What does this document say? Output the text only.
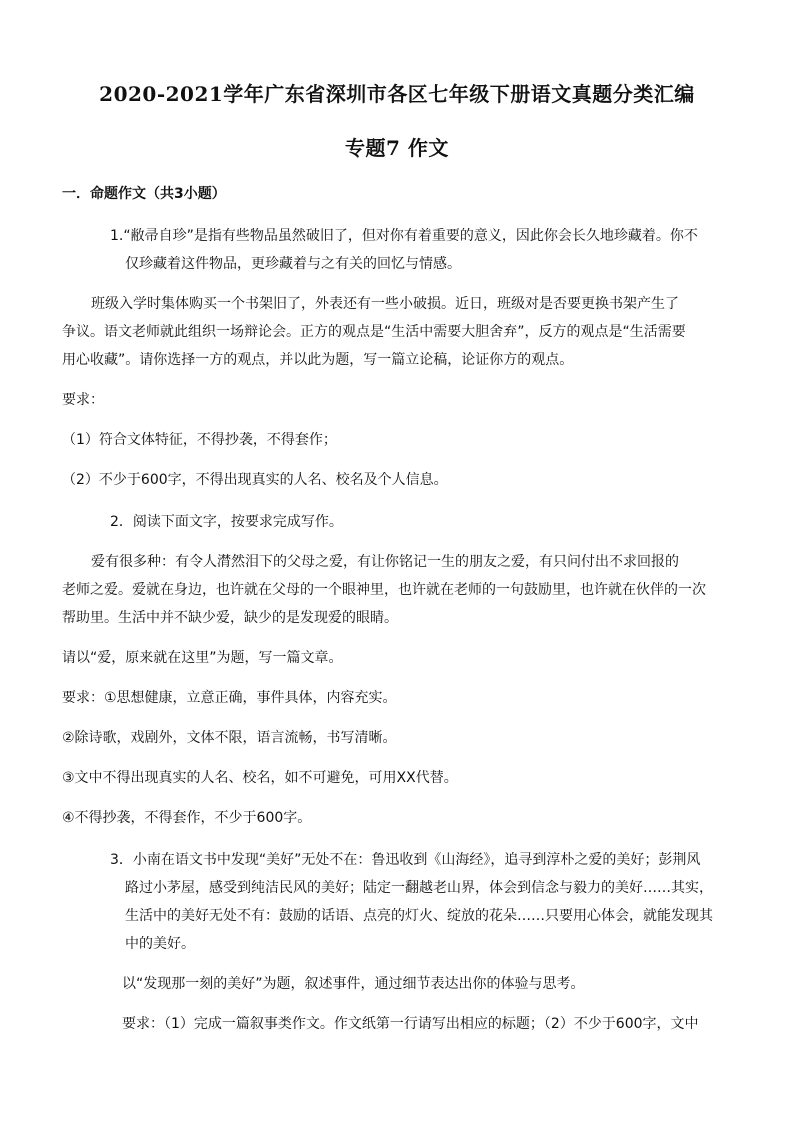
2020-2021学年广东省深圳市各区七年级下册语文真题分类汇编
专题7 作文
一．命题作文（共3小题）
1.“敝帚自珍”是指有些物品虽然破旧了，但对你有着重要的意义，因此你会长久地珍藏着。你不
仅珍藏着这件物品，更珍藏着与之有关的回忆与情感。
班级入学时集体购买一个书架旧了，外表还有一些小破损。近日，班级对是否要更换书架产生了
争议。语文老师就此组织一场辩论会。正方的观点是“生活中需要大胆舍弃”，反方的观点是“生活需要
用心收藏”。请你选择一方的观点，并以此为题，写一篇立论稿，论证你方的观点。
要求：
（1）符合文体特征，不得抄袭，不得套作；
（2）不少于600字，不得出现真实的人名、校名及个人信息。
2．阅读下面文字，按要求完成写作。
爱有很多种：有令人潸然泪下的父母之爱，有让你铭记一生的朋友之爱，有只问付出不求回报的
老师之爱。爱就在身边，也许就在父母的一个眼神里，也许就在老师的一句鼓励里，也许就在伙伴的一次
帮助里。生活中并不缺少爱，缺少的是发现爱的眼睛。
请以“爱，原来就在这里”为题，写一篇文章。
要求：①思想健康，立意正确，事件具体，内容充实。
②除诗歌，戏剧外，文体不限，语言流畅，书写清晰。
③文中不得出现真实的人名、校名，如不可避免，可用XX代替。
④不得抄袭，不得套作，不少于600字。
3．小南在语文书中发现“美好”无处不在：鲁迅收到《山海经》，追寻到淳朴之爱的美好；彭荆风
路过小茅屋，感受到纯洁民风的美好；陆定一翻越老山界，体会到信念与毅力的美好……其实，
生活中的美好无处不有：鼓励的话语、点亮的灯火、绽放的花朵……只要用心体会，就能发现其
中的美好。
以“发现那一刻的美好”为题，叙述事件，通过细节表达出你的体验与思考。
要求：（1）完成一篇叙事类作文。作文纸第一行请写出相应的标题；（2）不少于600字，文中
